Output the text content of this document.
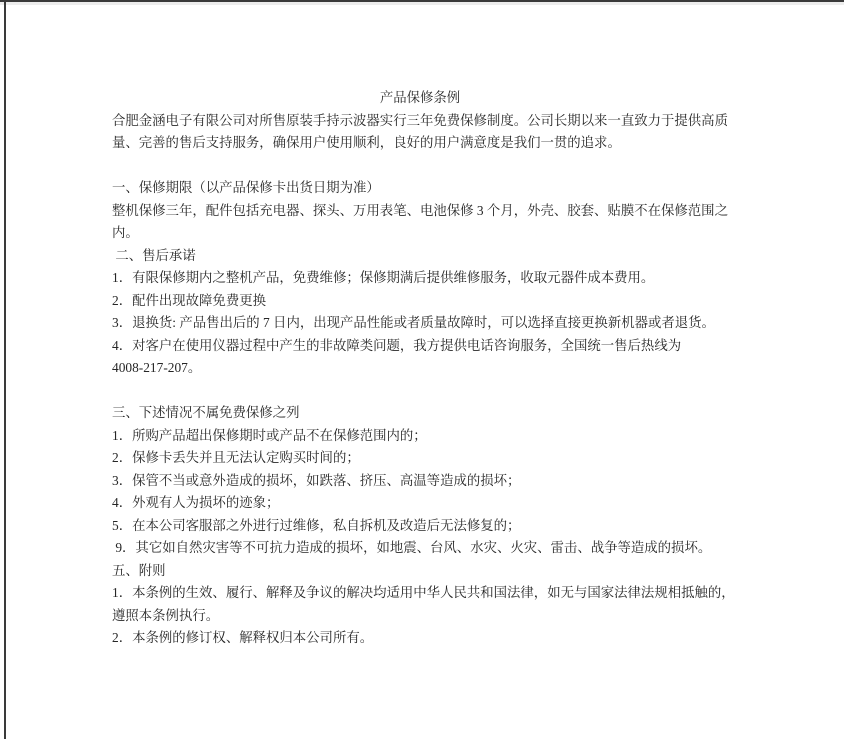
产品保修条例
合肥金涵电子有限公司对所售原装手持示波器实行三年免费保修制度。公司长期以来一直致力于提供高质
量、完善的售后支持服务，确保用户使用顺利，良好的用户满意度是我们一贯的追求。

一、保修期限（以产品保修卡出货日期为准）
整机保修三年，配件包括充电器、探头、万用表笔、电池保修 3 个月，外壳、胶套、贴膜不在保修范围之
内。
二、售后承诺
1．有限保修期内之整机产品，免费维修；保修期满后提供维修服务，收取元器件成本费用。
2．配件出现故障免费更换
3．退换货: 产品售出后的 7 日内，出现产品性能或者质量故障时，可以选择直接更换新机器或者退货。
4．对客户在使用仪器过程中产生的非故障类问题，我方提供电话咨询服务，全国统一售后热线为
4008-217-207。

三、下述情况不属免费保修之列
1．所购产品超出保修期时或产品不在保修范围内的；
2．保修卡丢失并且无法认定购买时间的；
3．保管不当或意外造成的损坏，如跌落、挤压、高温等造成的损坏；
4．外观有人为损坏的迹象；
5．在本公司客服部之外进行过维修，私自拆机及改造后无法修复的；
9．其它如自然灾害等不可抗力造成的损坏，如地震、台风、水灾、火灾、雷击、战争等造成的损坏。
五、附则
1．本条例的生效、履行、解释及争议的解决均适用中华人民共和国法律，如无与国家法律法规相抵触的，
遵照本条例执行。
2．本条例的修订权、解释权归本公司所有。
